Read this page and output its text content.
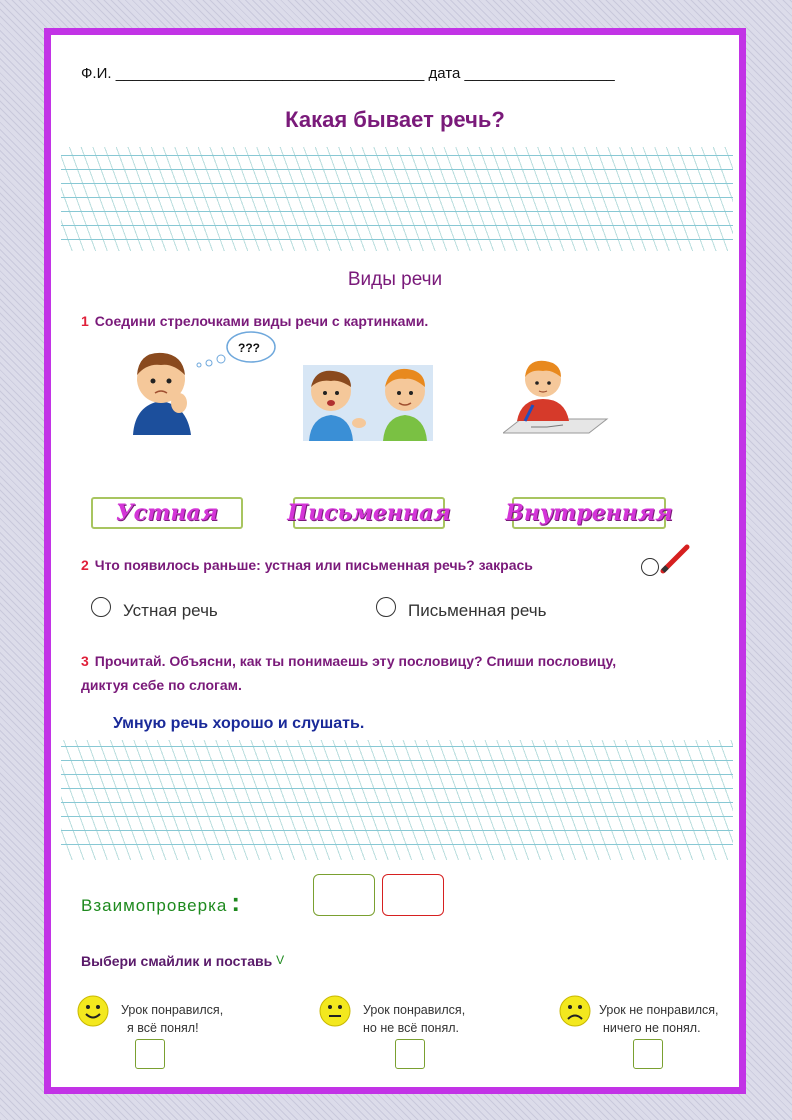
Ф.И. _____________________________________ дата __________________
Какая бывает речь?
Виды речи
1 Соедини стрелочками виды речи с картинками.
???
Устная	Письменная Внутренняя
2 Что появилось раньше: устная или письменная речь? закрась
Устная речь	Письменная речь
3 Прочитай. Объясни, как ты понимаешь эту пословицу? Спиши пословицу,
диктуя себе по слогам.
Умную речь хорошо и слушать.
Взаимопроверка :
Выбери смайлик и поставь V
Урок понравился,
я всё понял!
Урок понравился,
но не всё понял.
Урок не понравился,
ничего не понял.
